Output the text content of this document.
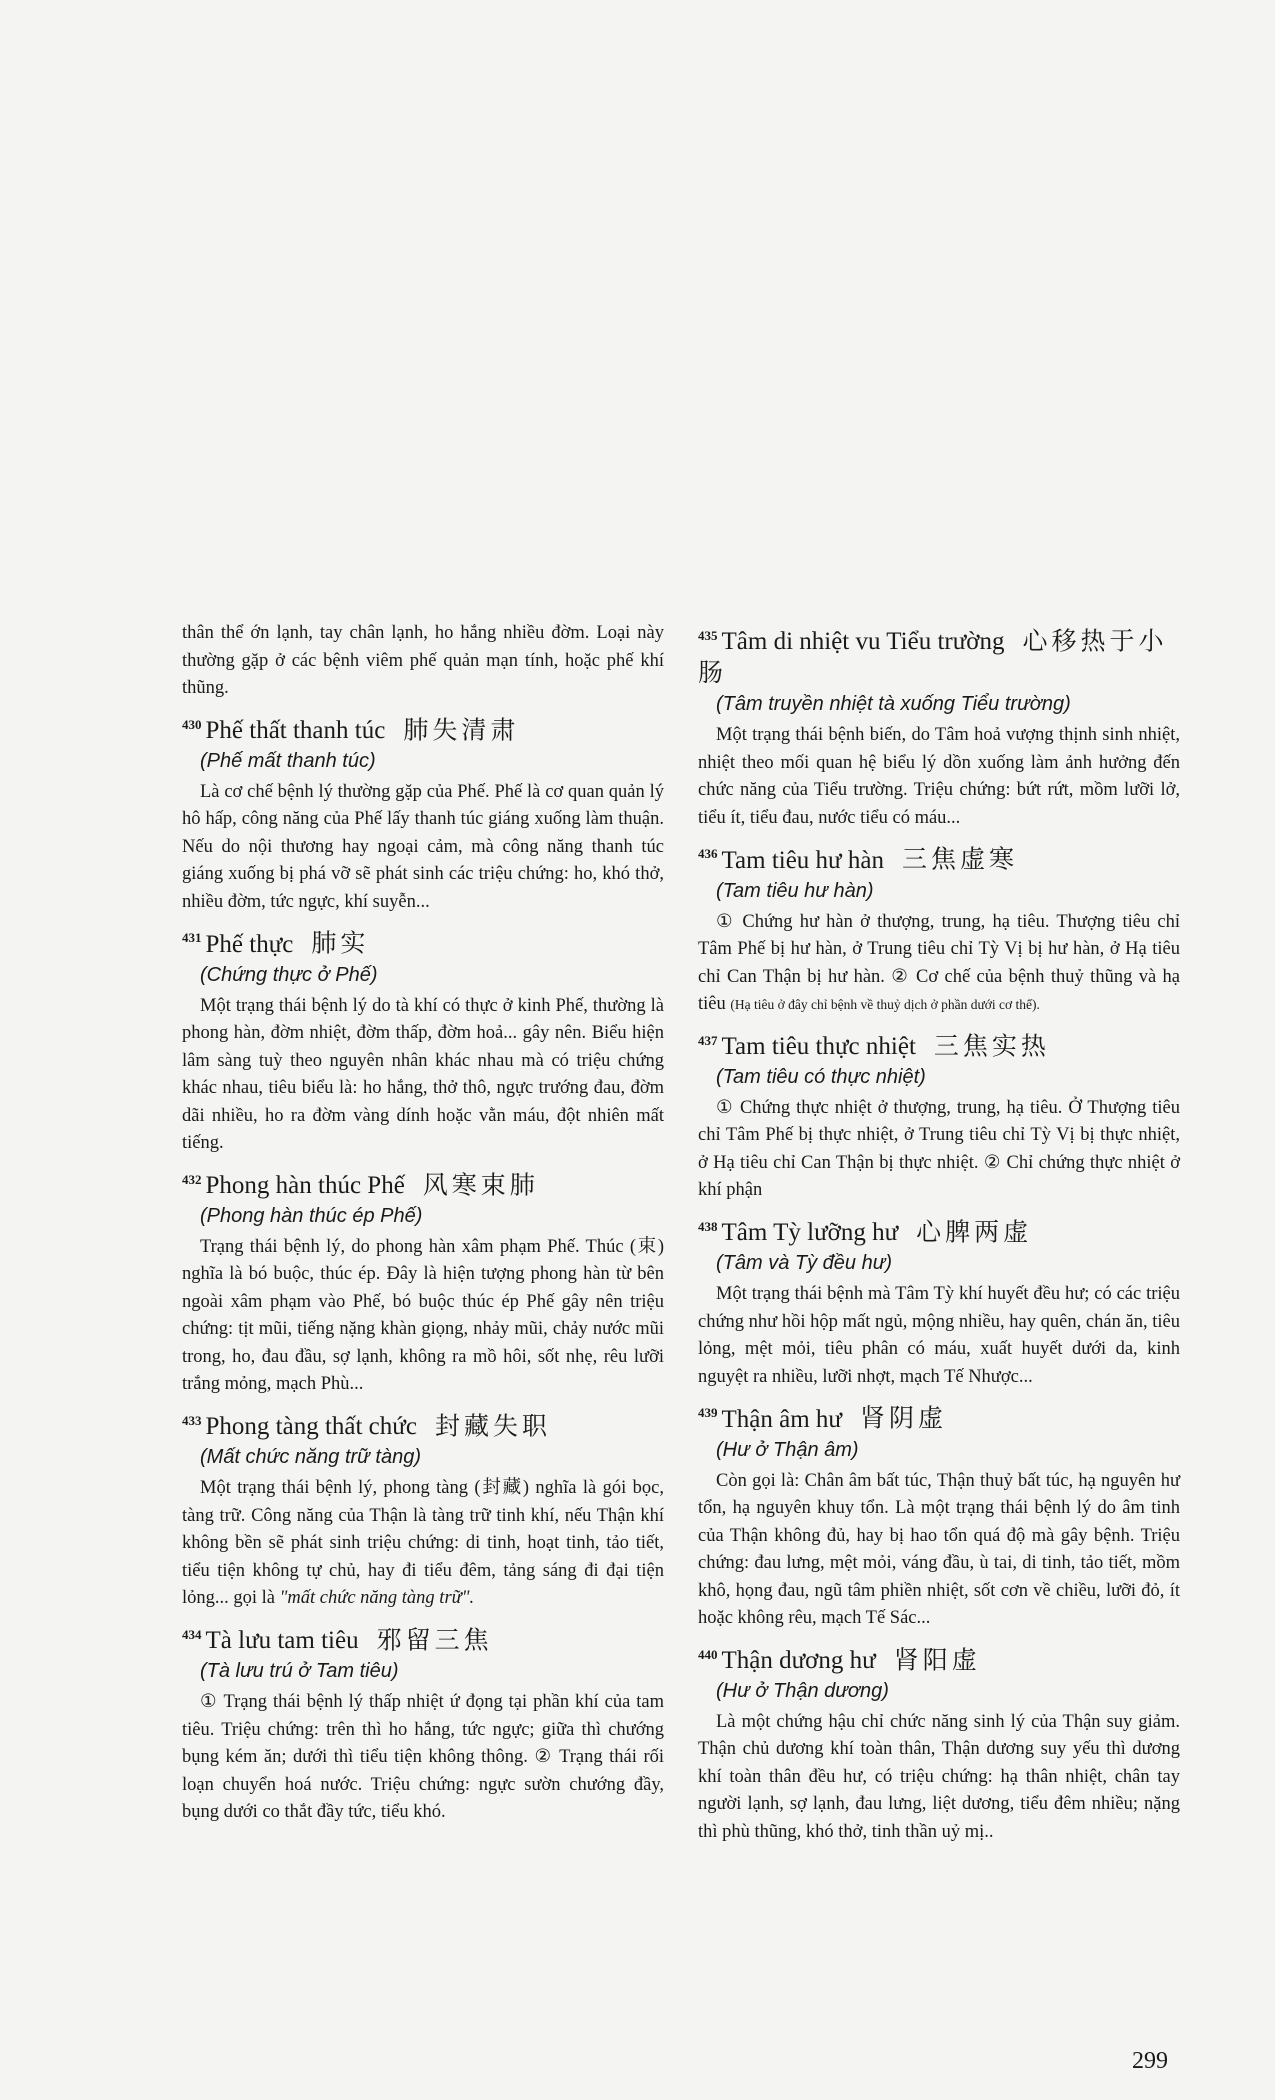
thân thể ớn lạnh, tay chân lạnh, ho hắng nhiều đờm. Loại này thường gặp ở các bệnh viêm phế quản mạn tính, hoặc phế khí thũng.

$^{430}$ Phế thất thanh túc 肺失清肃
(Phế mất thanh túc)

Là cơ chế bệnh lý thường gặp của Phế. Phế là cơ quan quản lý hô hấp, công năng của Phế lấy thanh túc giáng xuống làm thuận. Nếu do nội thương hay ngoại cảm, mà công năng thanh túc giáng xuống bị phá vỡ sẽ phát sinh các triệu chứng: ho, khó thở, nhiều đờm, tức ngực, khí suyễn...

$^{431}$ Phế thực 肺实
(Chứng thực ở Phế)

Một trạng thái bệnh lý do tà khí có thực ở kinh Phế, thường là phong hàn, đờm nhiệt, đờm thấp, đờm hoả... gây nên. Biểu hiện lâm sàng tuỳ theo nguyên nhân khác nhau mà có triệu chứng khác nhau, tiêu biểu là: ho hắng, thở thô, ngực trướng đau, đờm dãi nhiều, ho ra đờm vàng dính hoặc vằn máu, đột nhiên mất tiếng.

$^{432}$ Phong hàn thúc Phế 风寒束肺
(Phong hàn thúc ép Phế)

Trạng thái bệnh lý, do phong hàn xâm phạm Phế. Thúc (束) nghĩa là bó buộc, thúc ép. Đây là hiện tượng phong hàn từ bên ngoài xâm phạm vào Phế, bó buộc thúc ép Phế gây nên triệu chứng: tịt mũi, tiếng nặng khàn giọng, nhảy mũi, chảy nước mũi trong, ho, đau đầu, sợ lạnh, không ra mồ hôi, sốt nhẹ, rêu lưỡi trắng mỏng, mạch Phù...

$^{433}$ Phong tàng thất chức 封藏失职
(Mất chức năng trữ tàng)

Một trạng thái bệnh lý, phong tàng (封藏) nghĩa là gói bọc, tàng trữ. Công năng của Thận là tàng trữ tinh khí, nếu Thận khí không bền sẽ phát sinh triệu chứng: di tinh, hoạt tinh, tảo tiết, tiểu tiện không tự chủ, hay đi tiểu đêm, tảng sáng đi đại tiện lỏng... gọi là "mất chức năng tàng trữ".

$^{434}$ Tà lưu tam tiêu 邪留三焦
(Tà lưu trú ở Tam tiêu)

① Trạng thái bệnh lý thấp nhiệt ứ đọng tại phần khí của tam tiêu. Triệu chứng: trên thì ho hắng, tức ngực; giữa thì chướng bụng kém ăn; dưới thì tiểu tiện không thông. ② Trạng thái rối loạn chuyển hoá nước. Triệu chứng: ngực sườn chướng đầy, bụng dưới co thắt đầy tức, tiểu khó.

$^{435}$ Tâm di nhiệt vu Tiểu trường 心移热于小肠
(Tâm truyền nhiệt tà xuống Tiểu trường)

Một trạng thái bệnh biến, do Tâm hoả vượng thịnh sinh nhiệt, nhiệt theo mối quan hệ biểu lý dồn xuống làm ảnh hưởng đến chức năng của Tiểu trường. Triệu chứng: bứt rứt, mồm lưỡi lở, tiểu ít, tiểu đau, nước tiểu có máu...

$^{436}$ Tam tiêu hư hàn 三焦虚寒
(Tam tiêu hư hàn)

① Chứng hư hàn ở thượng, trung, hạ tiêu. Thượng tiêu chỉ Tâm Phế bị hư hàn, ở Trung tiêu chỉ Tỳ Vị bị hư hàn, ở Hạ tiêu chỉ Can Thận bị hư hàn. ② Cơ chế của bệnh thuỷ thũng và hạ tiêu (Hạ tiêu ở đây chỉ bệnh về thuỷ dịch ở phần dưới cơ thể).

$^{437}$ Tam tiêu thực nhiệt 三焦实热
(Tam tiêu có thực nhiệt)

① Chứng thực nhiệt ở thượng, trung, hạ tiêu. Ở Thượng tiêu chỉ Tâm Phế bị thực nhiệt, ở Trung tiêu chỉ Tỳ Vị bị thực nhiệt, ở Hạ tiêu chỉ Can Thận bị thực nhiệt. ② Chỉ chứng thực nhiệt ở khí phận

$^{438}$ Tâm Tỳ lưỡng hư 心脾两虚
(Tâm và Tỳ đều hư)

Một trạng thái bệnh mà Tâm Tỳ khí huyết đều hư; có các triệu chứng như hồi hộp mất ngủ, mộng nhiều, hay quên, chán ăn, tiêu lỏng, mệt mỏi, tiêu phân có máu, xuất huyết dưới da, kinh nguyệt ra nhiều, lưỡi nhợt, mạch Tế Nhược...

$^{439}$ Thận âm hư 肾阴虚
(Hư ở Thận âm)

Còn gọi là: Chân âm bất túc, Thận thuỷ bất túc, hạ nguyên hư tổn, hạ nguyên khuy tổn. Là một trạng thái bệnh lý do âm tinh của Thận không đủ, hay bị hao tổn quá độ mà gây bệnh. Triệu chứng: đau lưng, mệt mỏi, váng đầu, ù tai, di tinh, tảo tiết, mồm khô, họng đau, ngũ tâm phiền nhiệt, sốt cơn về chiều, lưỡi đỏ, ít hoặc không rêu, mạch Tế Sác...

$^{440}$ Thận dương hư 肾阳虚
(Hư ở Thận dương)

Là một chứng hậu chỉ chức năng sinh lý của Thận suy giảm. Thận chủ dương khí toàn thân, Thận dương suy yếu thì dương khí toàn thân đều hư, có triệu chứng: hạ thân nhiệt, chân tay người lạnh, sợ lạnh, đau lưng, liệt dương, tiểu đêm nhiều; nặng thì phù thũng, khó thở, tinh thần uỷ mị..

299
